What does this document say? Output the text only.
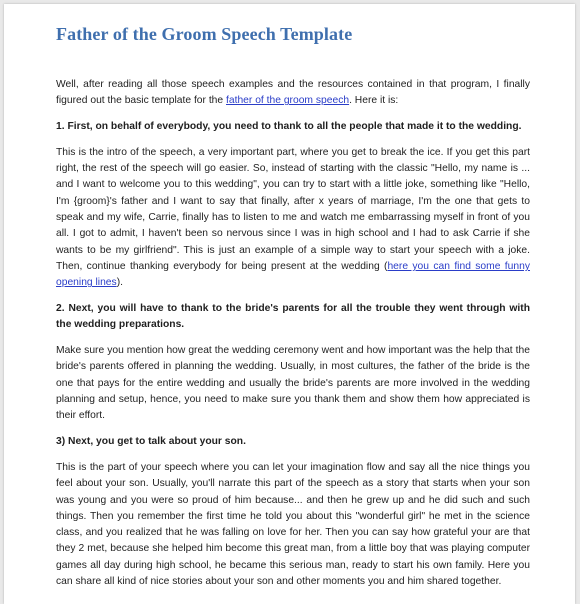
Father of the Groom Speech Template

Well, after reading all those speech examples and the resources contained in that program, I finally figured out the basic template for the father of the groom speech. Here it is:

1. First, on behalf of everybody, you need to thank to all the people that made it to the wedding.

This is the intro of the speech, a very important part, where you get to break the ice. If you get this part right, the rest of the speech will go easier. So, instead of starting with the classic "Hello, my name is ... and I want to welcome you to this wedding", you can try to start with a little joke, something like "Hello, I'm {groom}'s father and I want to say that finally, after x years of marriage, I'm the one that gets to speak and my wife, Carrie, finally has to listen to me and watch me embarrassing myself in front of you all. I got to admit, I haven't been so nervous since I was in high school and I had to ask Carrie if she wants to be my girlfriend". This is just an example of a simple way to start your speech with a joke. Then, continue thanking everybody for being present at the wedding (here you can find some funny opening lines).

2. Next, you will have to thank to the bride's parents for all the trouble they went through with the wedding preparations.

Make sure you mention how great the wedding ceremony went and how important was the help that the bride's parents offered in planning the wedding. Usually, in most cultures, the father of the bride is the one that pays for the entire wedding and usually the bride's parents are more involved in the wedding planning and setup, hence, you need to make sure you thank them and show them how appreciated is their effort.

3) Next, you get to talk about your son.

This is the part of your speech where you can let your imagination flow and say all the nice things you feel about your son. Usually, you'll narrate this part of the speech as a story that starts when your son was young and you were so proud of him because... and then he grew up and he did such and such things. Then you remember the first time he told you about this "wonderful girl" he met in the science class, and you realized that he was falling on love for her. Then you can say how grateful your are that they 2 met, because she helped him become this great man, from a little boy that was playing computer games all day during high school, he became this serious man, ready to start his own family. Here you can share all kind of nice stories about your son and other moments you and him shared together.
